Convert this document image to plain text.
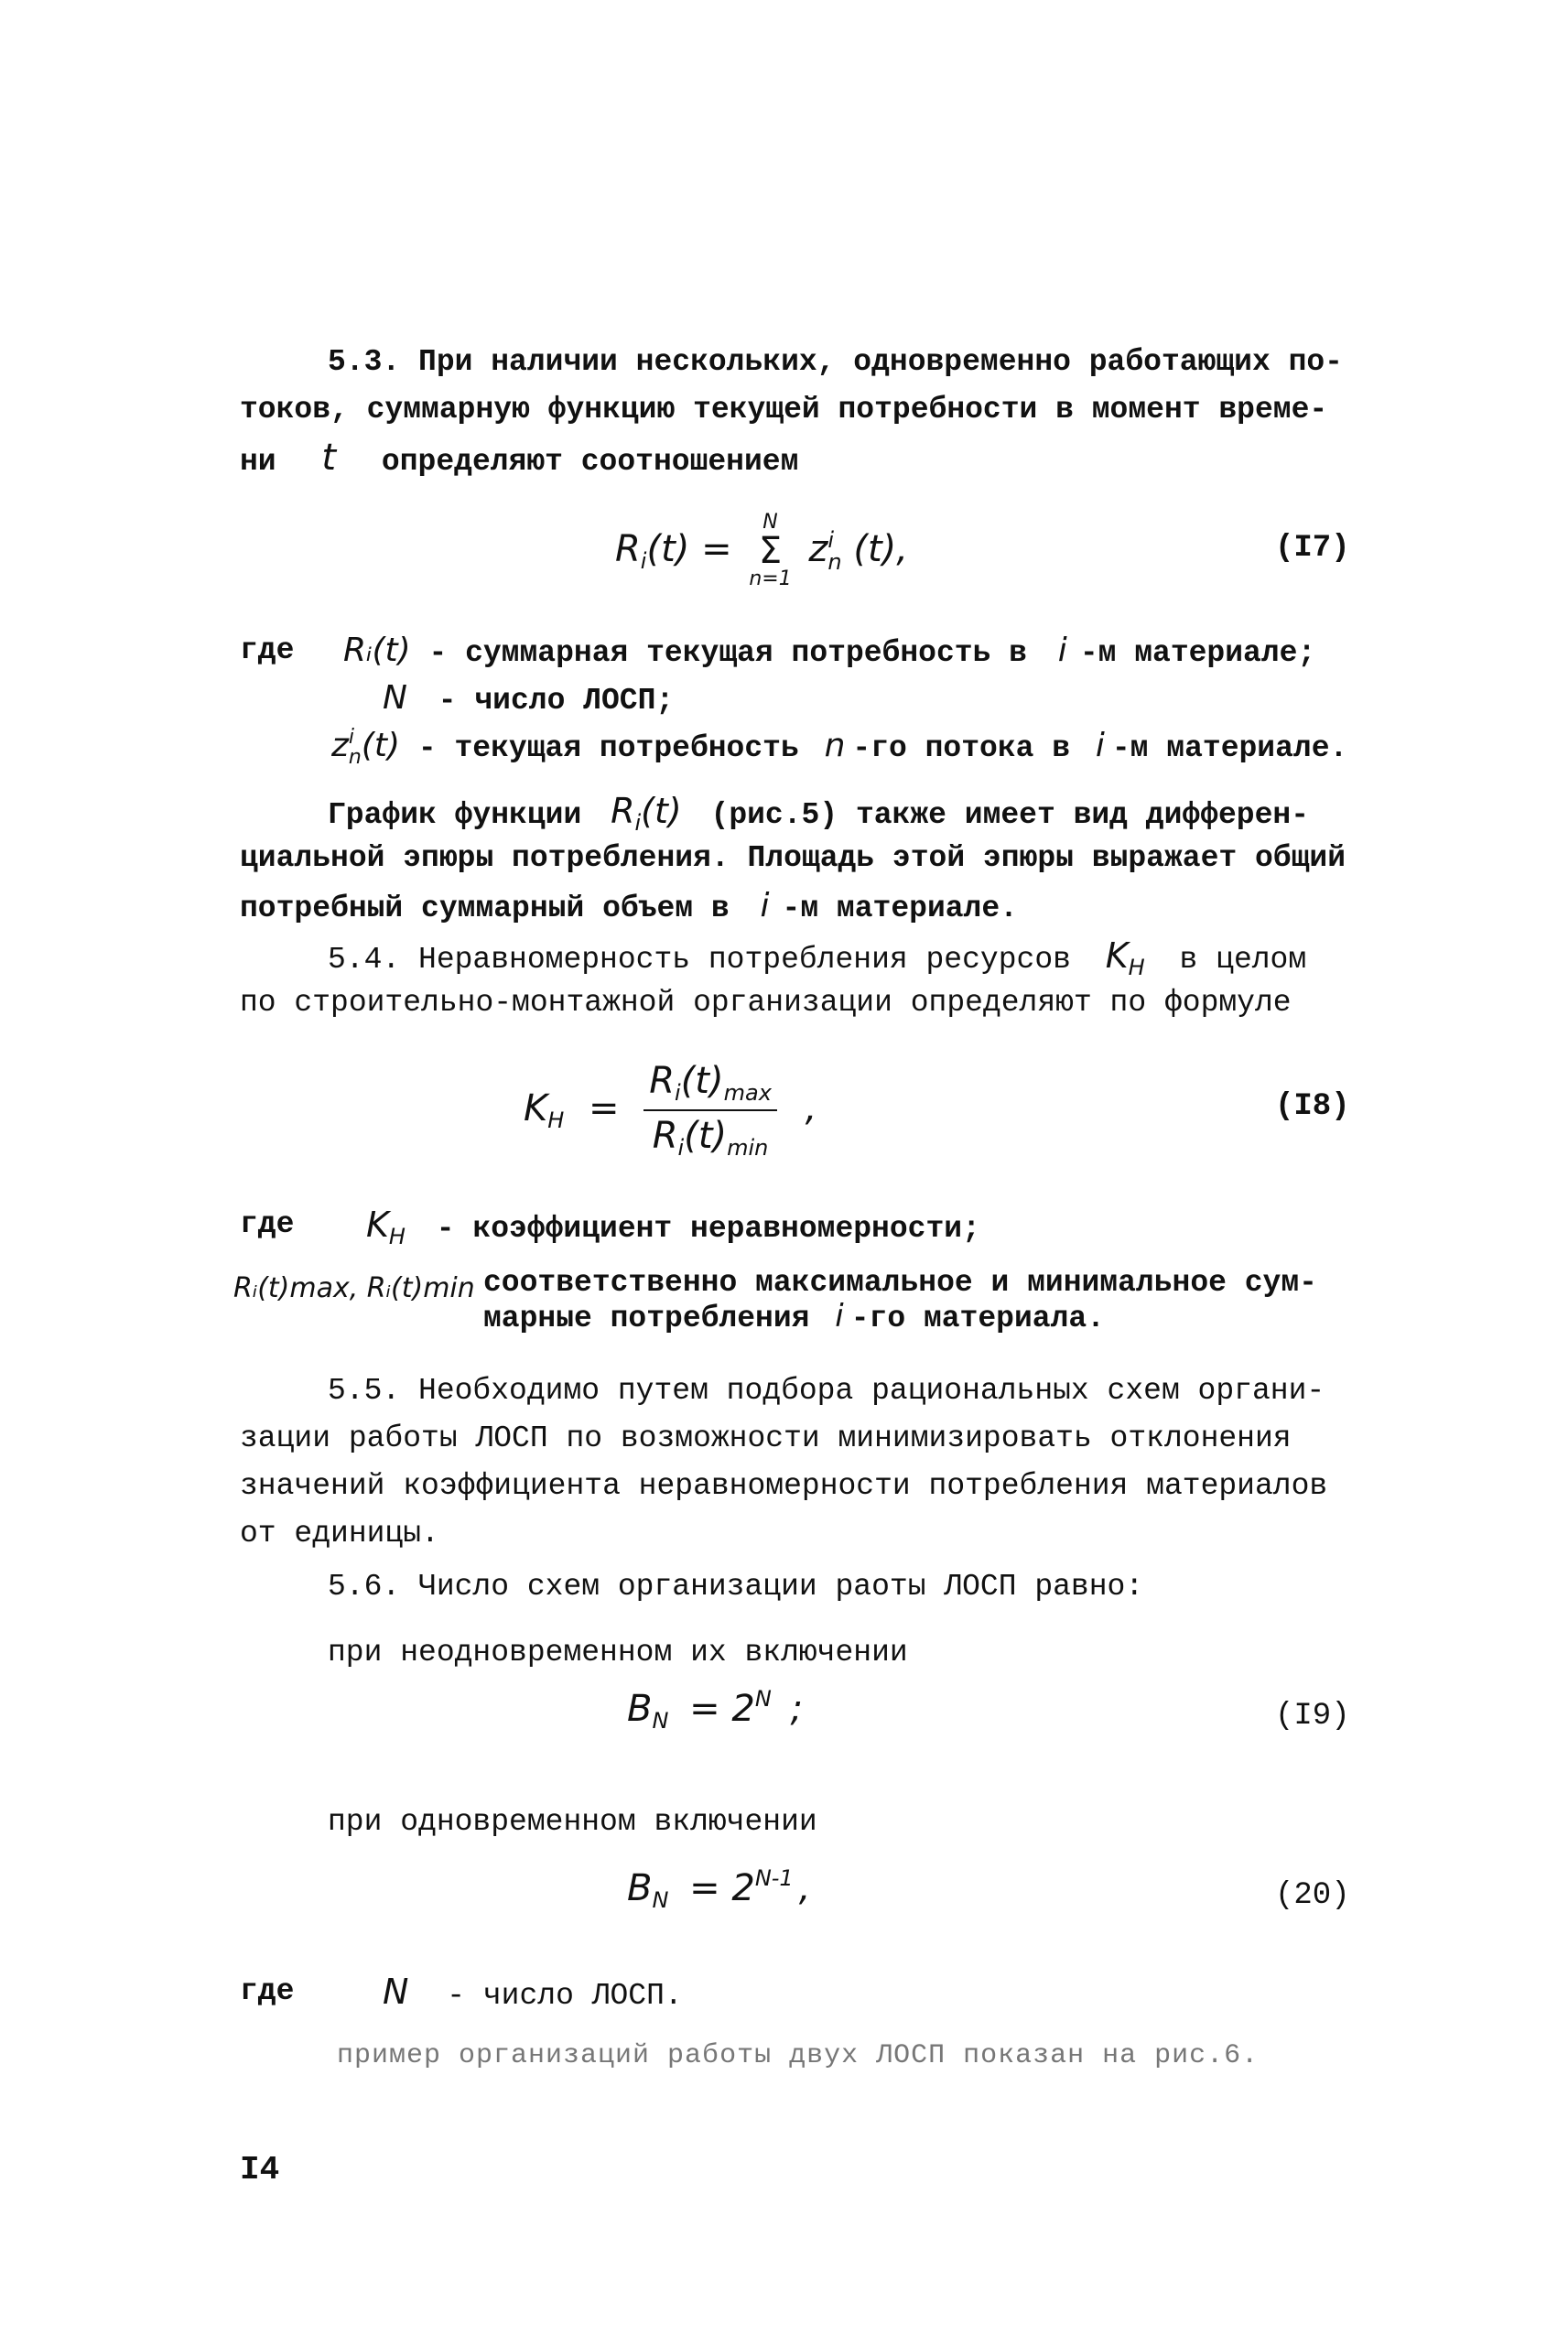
5.3. При наличии нескольких, одновременно работающих по-
токов, суммарную функцию текущей потребности в момент време-
ни t определяют соотношением
$R_i(t)$ =
N
Σ
n=1
z i
n (t),	(I7)
где Rᵢ(t) - суммарная текущая потребность в i -м материале;
N - число ЛОСП;
z i
n (t) - текущая потребность n -го потока в i -м материале.
График функции $R_i(t)$ (рис.5) также имеет вид дифферен-
циальной эпюры потребления. Площадь этой эпюры выражает общий
потребный суммарный объем в i -м материале.
5.4. Неравномерность потребления ресурсов $K_H$ в целом
по строительно-монтажной организации определяют по формуле
$K_H = \frac{R_i(t)_{max}}{R_i(t)_{min}}$ ,	(I8)
где $K_H$ - коэффициент неравномерности;
Rᵢ(t)max, Rᵢ(t)min соответственно максимальное и минимальное сум-
марные потребления i -го материала.
5.5. Необходимо путем подбора рациональных схем органи-
зации работы ЛОСП по возможности минимизировать отклонения
значений коэффициента неравномерности потребления материалов
от единицы.
5.6. Число схем организации раоты ЛОСП равно:
при неодновременном их включении
$B_N = 2^N$ ;	(I9)
при одновременном включении
$B_N = 2^{N-1}$ ,	(20)
где	N - число ЛОСП.
пример организаций работы двух ЛОСП показан на рис.6.
I4
